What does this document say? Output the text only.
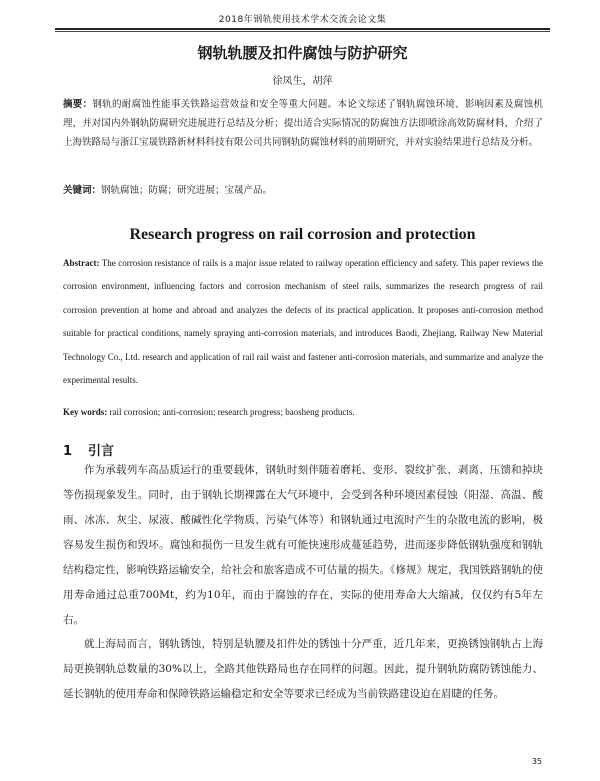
2018年钢轨使用技术学术交流会论文集
钢轨轨腰及扣件腐蚀与防护研究
徐凤生，胡萍
摘要：钢轨的耐腐蚀性能事关铁路运营效益和安全等重大问题。本论文综述了钢轨腐蚀环境、影响因素及腐蚀机理，并对国内外钢轨防腐研究进展进行总结及分析；提出适合实际情况的防腐蚀方法即喷涂高效防腐材料，介绍了上海铁路局与浙江宝晟铁路新材料科技有限公司共同钢轨防腐蚀材料的前期研究，并对实验结果进行总结及分析。
关键词：钢轨腐蚀；防腐；研究进展；宝晟产品。
Research progress on rail corrosion and protection
Abstract: The corrosion resistance of rails is a major issue related to railway operation efficiency and safety. This paper reviews the corrosion environment, influencing factors and corrosion mechanism of steel rails, summarizes the research progress of rail corrosion prevention at home and abroad and analyzes the defects of its practical application. It proposes anti-corrosion method suitable for practical conditions, namely spraying anti-corrosion materials, and introduces Baodi, Zhejiang. Railway New Material Technology Co., Ltd. research and application of rail rail waist and fastener anti-corrosion materials, and summarize and analyze the experimental results.
Key words: rail corrosion; anti-corrosion; research progress; baosheng products.
1 引言
作为承载列车高品质运行的重要载体，钢轨时刻伴随着磨耗、变形、裂纹扩张、剥离、压馈和掉块等伤损现象发生。同时，由于钢轨长期裸露在大气环境中，会受到各种环境因素侵蚀（阳湿、高温、酸雨、冰冻、灰尘、尿液、酸碱性化学物质、污染气体等）和钢轨通过电流时产生的杂散电流的影响，极容易发生损伤和毁坏。腐蚀和损伤一旦发生就有可能快速形成蔓延趋势，进而逐步降低钢轨强度和钢轨结构稳定性，影响铁路运输安全，给社会和旅客造成不可估量的损失。《修规》规定，我国铁路钢轨的使用寿命通过总重700Mt，约为10年，而由于腐蚀的存在，实际的使用寿命大大缩减，仅仅约有5年左右。
就上海局而言，钢轨锈蚀，特别是轨腰及扣件处的锈蚀十分严重，近几年来，更换锈蚀钢轨占上海局更换钢轨总数量的30%以上，全路其他铁路局也存在同样的问题。因此，提升钢轨防腐防锈蚀能力、延长钢轨的使用寿命和保障铁路运输稳定和安全等要求已经成为当前铁路建设迫在眉睫的任务。
35
